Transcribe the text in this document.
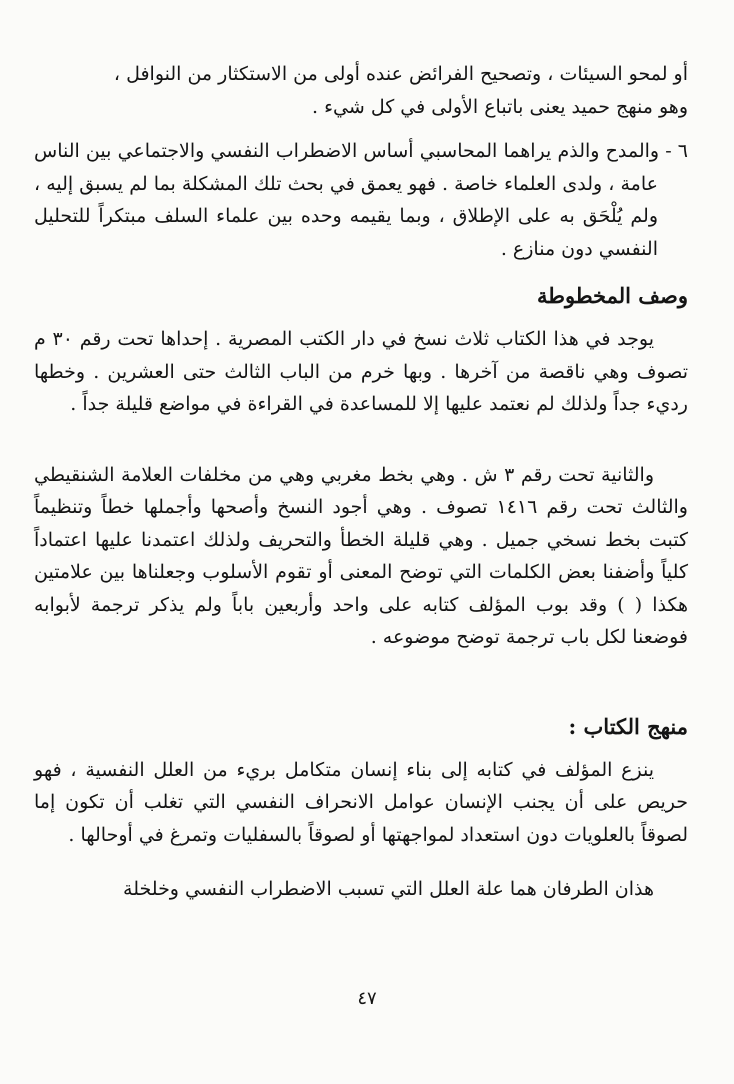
أو لمحو السيئات ، وتصحيح الفرائض عنده أولى من الاستكثار من النوافل ،

وهو منهج حميد يعنى باتباع الأولى في كل شيء .

٦ - والمدح والذم يراهما المحاسبي أساس الاضطراب النفسي والاجتماعي بين الناس عامة ، ولدى العلماء خاصة . فهو يعمق في بحث تلك المشكلة بما لم يسبق إليه ، ولم يُلْحَق به على الإطلاق ، وبما يقيمه وحده بين علماء السلف مبتكراً للتحليل النفسي دون منازع .

وصف المخطوطة

يوجد في هذا الكتاب ثلاث نسخ في دار الكتب المصرية . إحداها تحت رقم ٣٠ م تصوف وهي ناقصة من آخرها . وبها خرم من الباب الثالث حتى العشرين . وخطها رديء جداً ولذلك لم نعتمد عليها إلا للمساعدة في القراءة في مواضع قليلة جداً .

والثانية تحت رقم ٣ ش . وهي بخط مغربي وهي من مخلفات العلامة الشنقيطي والثالث تحت رقم ١٤١٦ تصوف . وهي أجود النسخ وأصحها وأجملها خطاً وتنظيماً كتبت بخط نسخي جميل . وهي قليلة الخطأ والتحريف ولذلك اعتمدنا عليها اعتماداً كلياً وأضفنا بعض الكلمات التي توضح المعنى أو تقوم الأسلوب وجعلناها بين علامتين هكذا ( ) وقد بوب المؤلف كتابه على واحد وأربعين باباً ولم يذكر ترجمة لأبوابه فوضعنا لكل باب ترجمة توضح موضوعه .

منهج الكتاب :

ينزع المؤلف في كتابه إلى بناء إنسان متكامل بريء من العلل النفسية ، فهو حريص على أن يجنب الإنسان عوامل الانحراف النفسي التي تغلب أن تكون إما لصوقاً بالعلويات دون استعداد لمواجهتها أو لصوقاً بالسفليات وتمرغ في أوحالها .

هذان الطرفان هما علة العلل التي تسبب الاضطراب النفسي وخلخلة

٤٧
